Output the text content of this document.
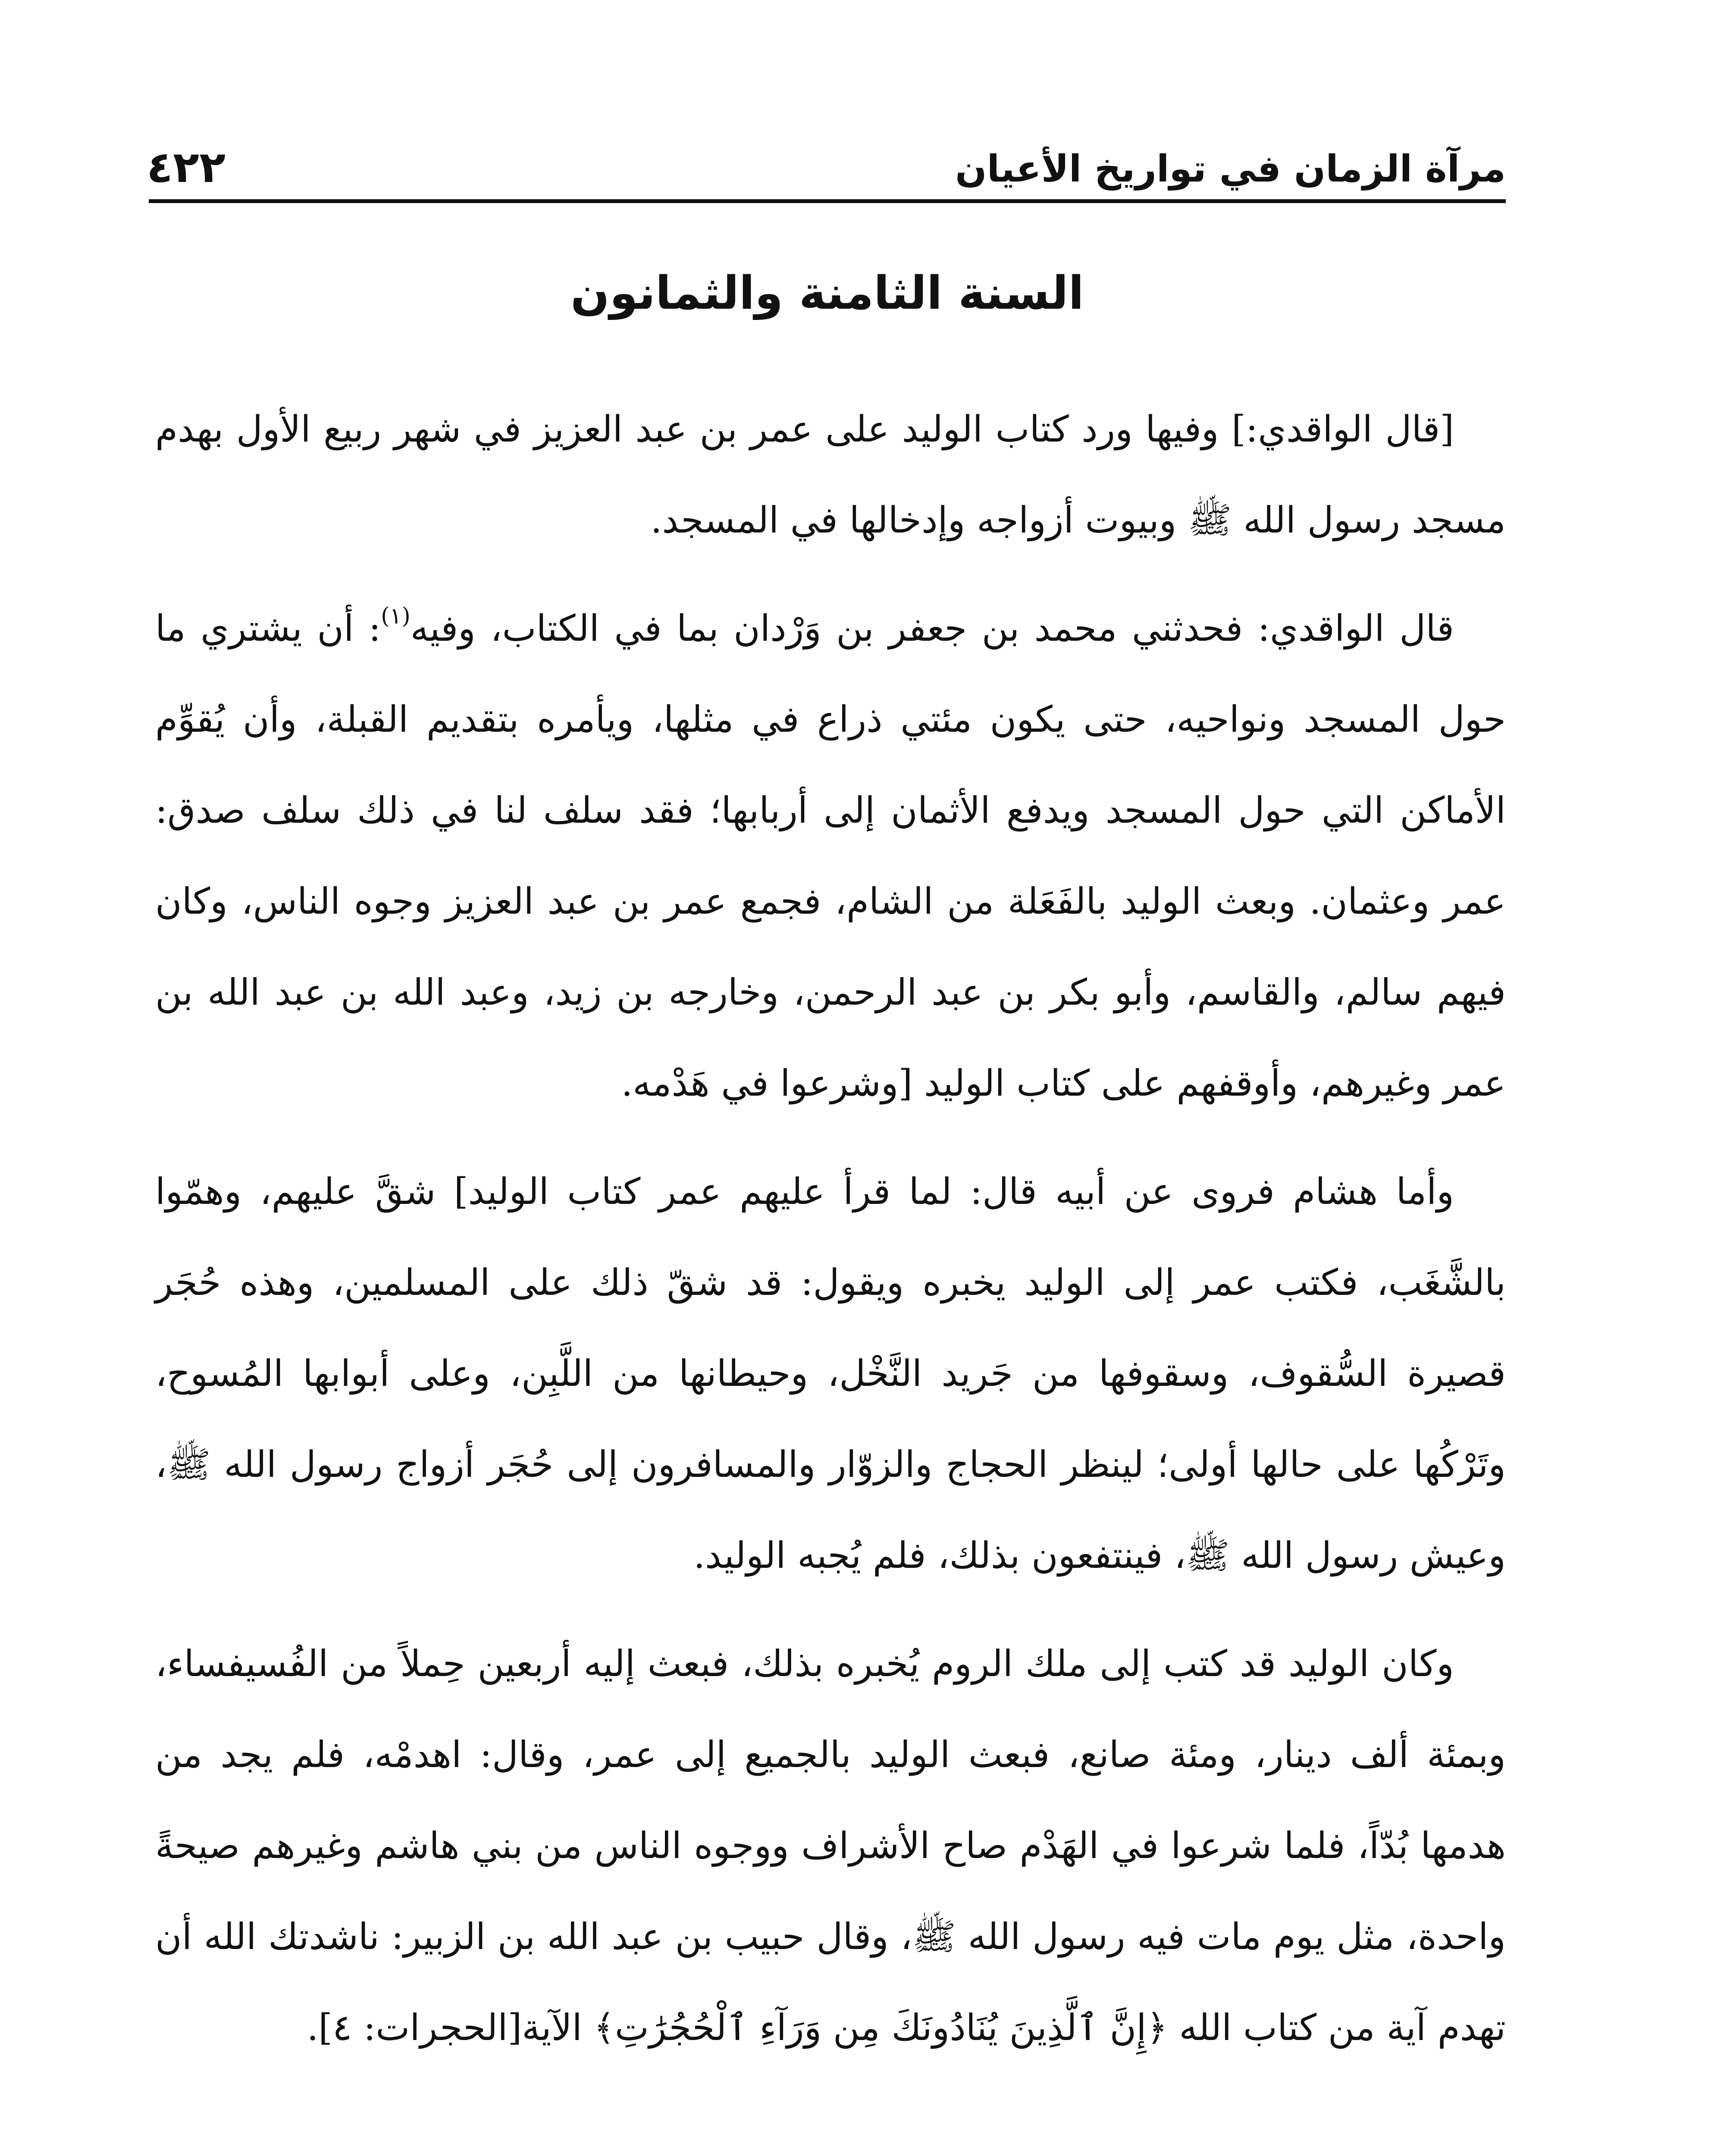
مرآة الزمان في تواريخ الأعيان
٤٢٢
السنة الثامنة والثمانون

[قال الواقدي:] وفيها ورد كتاب الوليد على عمر بن عبد العزيز في شهر ربيع الأول بهدم مسجد رسول الله ﷺ وبيوت أزواجه وإدخالها في المسجد.

قال الواقدي: فحدثني محمد بن جعفر بن وَرْدان بما في الكتاب، وفيه$^{(١)}$: أن يشتري ما حول المسجد ونواحيه، حتى يكون مئتي ذراع في مثلها، ويأمره بتقديم القبلة، وأن يُقوِّم الأماكن التي حول المسجد ويدفع الأثمان إلى أربابها؛ فقد سلف لنا في ذلك سلف صدق: عمر وعثمان. وبعث الوليد بالفَعَلة من الشام، فجمع عمر بن عبد العزيز وجوه الناس، وكان فيهم سالم، والقاسم، وأبو بكر بن عبد الرحمن، وخارجه بن زيد، وعبد الله بن عبد الله بن عمر وغيرهم، وأوقفهم على كتاب الوليد [وشرعوا في هَدْمه.

وأما هشام فروى عن أبيه قال: لما قرأ عليهم عمر كتاب الوليد] شقَّ عليهم، وهمّوا بالشَّغَب، فكتب عمر إلى الوليد يخبره ويقول: قد شقّ ذلك على المسلمين، وهذه حُجَر قصيرة السُّقوف، وسقوفها من جَريد النَّخْل، وحيطانها من اللَّبِن، وعلى أبوابها المُسوح، وتَرْكُها على حالها أولى؛ لينظر الحجاج والزوّار والمسافرون إلى حُجَر أزواج رسول الله ﷺ، وعيش رسول الله ﷺ، فينتفعون بذلك، فلم يُجبه الوليد.

وكان الوليد قد كتب إلى ملك الروم يُخبره بذلك، فبعث إليه أربعين حِملاً من الفُسيفساء، وبمئة ألف دينار، ومئة صانع، فبعث الوليد بالجميع إلى عمر، وقال: اهدمْه، فلم يجد من هدمها بُدّاً، فلما شرعوا في الهَدْم صاح الأشراف ووجوه الناس من بني هاشم وغيرهم صيحةً واحدة، مثل يوم مات فيه رسول الله ﷺ، وقال حبيب بن عبد الله بن الزبير: ناشدتك الله أن تهدم آية من كتاب الله ﴿إِنَّ ٱلَّذِينَ يُنَادُونَكَ مِن وَرَآءِ ٱلْحُجُرَٰتِ﴾ الآية[الحجرات: ٤].
